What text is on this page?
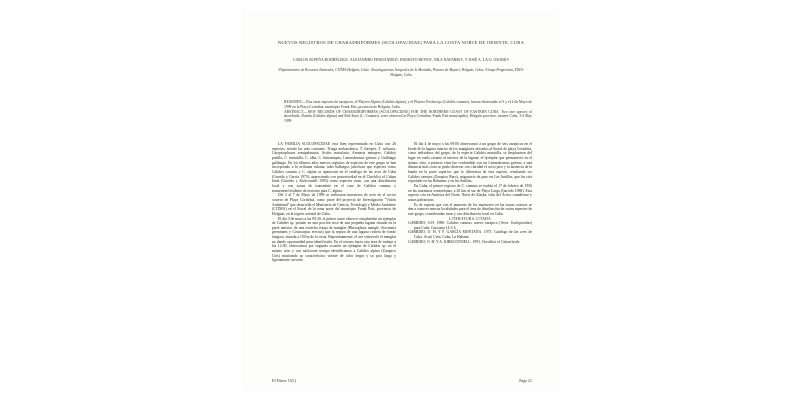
NUEVOS REGISTROS DE CHARADRIFORMES (SCOLOPACIDAE) PARA LA COSTA NORTE DE ORIENTE, CUBA
CARLOS M.PEÑA RODRÍGUEZ¹, ALEJANDRO FERNÁNDEZ¹, ERNESTO REYES², NILS NAVARRO³, Y JOSÉ A. LA O. OSORIO¹
¹Departamento de Recursos Naturales, CITMA-Holguín, Cuba. ²Investigaciones Integrales de la Montaña, Pinares de Mayarí, Holguín, Cuba; ³Grupo Progresista, ENIA-Holguín, Cuba

RESUMEN.—Dos raras especies de zarapicos, el Playero Alpino (Calidris alpina), y el Playero Pechirrojo (Calidris canutus), fueron observadas el 3 y el 4 de Mayo de 1999 en la Playa Corinthia, municipio Frank País, provincia de Holguín, Cuba.

ABSTRACT.—NEW RECORDS OF CHARADRIIFORMES (SCOLOPACIDAE) FOR THE NORTHERN COAST OF EASTERN CUBA. Two rare species of shorebirds, Dunlin (Calidris alpina) and Red Knot (C. Canutus), were observed at Playa Corinthia, Frank País municipality, Holguín province, eastern Cuba, 3-4 May 1999.

LA FAMILIA SCOLOPACIDAE está bien representada en Cuba con 26 especies, siendo las más comunes: Tringa melanoleuca, T. flavipes, T. solitaria, Catoptrophorus semipalmatus, Actitis macularia, Arenaria interpres, Calidris pusilla, C. minutilla, C. alba, C. himantopus, Limnodromus griseus y Gallinago gallinago. En los últimos años nuevos registros de especies de este grupo se han incorporado a la avifauna cubana, tales hallazgos justifican que especies como Calidris canutus y C. alpina se aparezcan en el catálogo de las aves de Cuba (Garrido y García 1975), apareciendo con posterioridad en el Checklist of Cuban birds (Garrido y Kirkconnell 1993) como especies raras, con una distribución local y con status de transeúnte en el caso de Calidris canutus y transeúnte/residente de invierno para C. alpina.

Del 2 al 7 de Mayo de 1999 se realizaron muestreos de aves en el sector costero de Playa Corinthia, como parte del proyecto de Investigación "Visión Ambiental" que desarrolla el Ministerio de Ciencia, Tecnología y Medio Ambiente (CITMA) en el litoral de la zona norte del municipio Frank País, provincia de Holguín, en la región oriental de Cuba.

El día 3 de mayo a las 09:30, el primer autor observó casualmente un ejemplar de Calidris sp. posado en una porción seca de una pequeña laguna situada en la parte anterior de una estrecha franja de manglar (Rhizophora mangle, Avicennia germinans y Conocarpus erectus) que la separa de una laguna costera de fondo fangoso, situada a 150 m de la costa. Repentinamente, el ave sobrevoló el manglar no dando oportunidad para identificarla. En el retorno hacia otra área de trabajo a las 12:00, observamos por segunda ocasión un ejemplar de Calidris sp. en el mismo sitio y con suficiente tiempo identificamos a Calidris alpina (Zarapico Gris) mostrando su característico vientre de color negro y su pico largo y ligeramente curvado.

El día 4 de mayo a las 09:00 observamos a un grupo de seis zarapicos en el borde de la laguna interior de los manglares ubicados al litoral de playa Corinthia, cinco individuos del grupo, de la especie Calidris minutilla, se desplazaron del lugar en vuelo rasante al interior de la laguna; el ejemplar que permaneció en el mismo sitio, a primera vista fue confundido con un Limnodromus griseus, a una distancia más corta se pudo observar con claridad el corto pico y la ausencia de la banda en la parte superior, que lo diferencia de esta especie, resultando ser Calidris canutus (Zarapico Raro), migratorio de paso en Las Antillas, que los cría reportado en las Bahamas y en las Antillas.

En Cuba, el primer registro de C. canutus se realizó el 17 de febrero de 1956 en las marismas venezolanas, a 20 km al sur de Playa Larga (Garrido 1988). Esta especie cría en América del Norte, Norte de Alaska, islas del Ártico canadiense y zonas palearticas.

Es de esperar que con el aumento de los muestreos en las zonas costeras se den a conocer nuevas localidades para el área de distribución de varias especies de este grupo, consideradas raras y con distribución local en Cuba.

LITERATURA CITADA

GARRIDO, O.H. 1988. Calidris canutus, nuevo zarapico (Aves: Scolopacidae) para Cuba. Garciana 14:3-4.

GARRIDO, O. H. Y F. GARCÍA MONTAÑA. 1975. Catálogo de las aves de Cuba. Acad. Cien. Cuba, La Habana.

GARRIDO, O. H. Y A. KIRKCONNELL. 1993. Checklist of Cuban birds.

El Pitirre 13(1)	Page 21
